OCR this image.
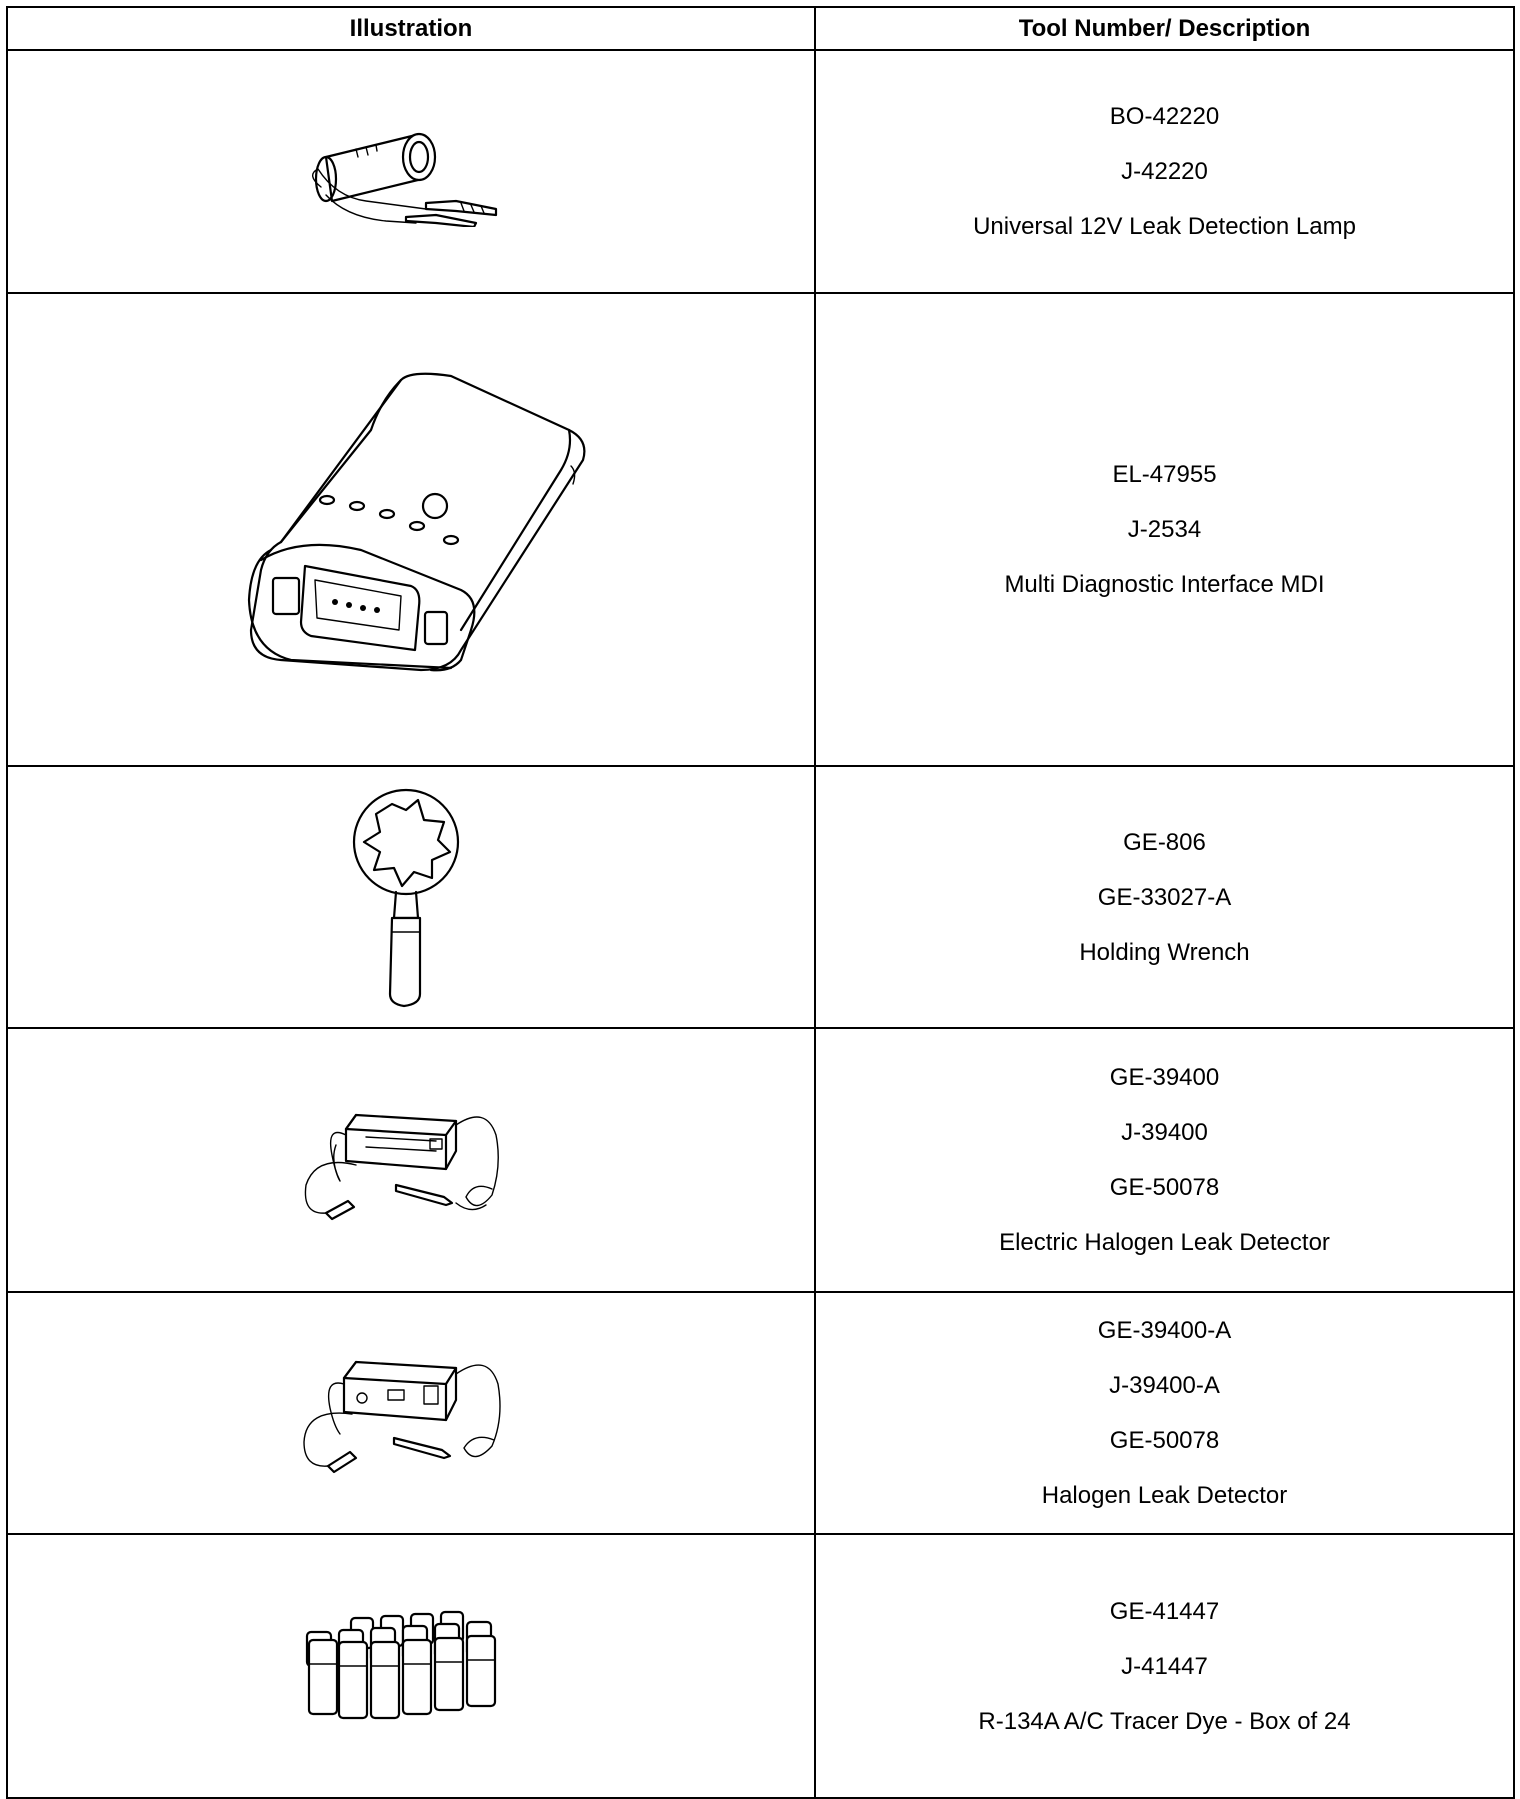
Illustration	Tool Number/ Description

BO-42220
J-42220
Universal 12V Leak Detection Lamp

EL-47955
J-2534
Multi Diagnostic Interface MDI

GE-806
GE-33027-A
Holding Wrench

GE-39400
J-39400
GE-50078
Electric Halogen Leak Detector

GE-39400-A
J-39400-A
GE-50078
Halogen Leak Detector

GE-41447
J-41447
R-134A A/C Tracer Dye - Box of 24
